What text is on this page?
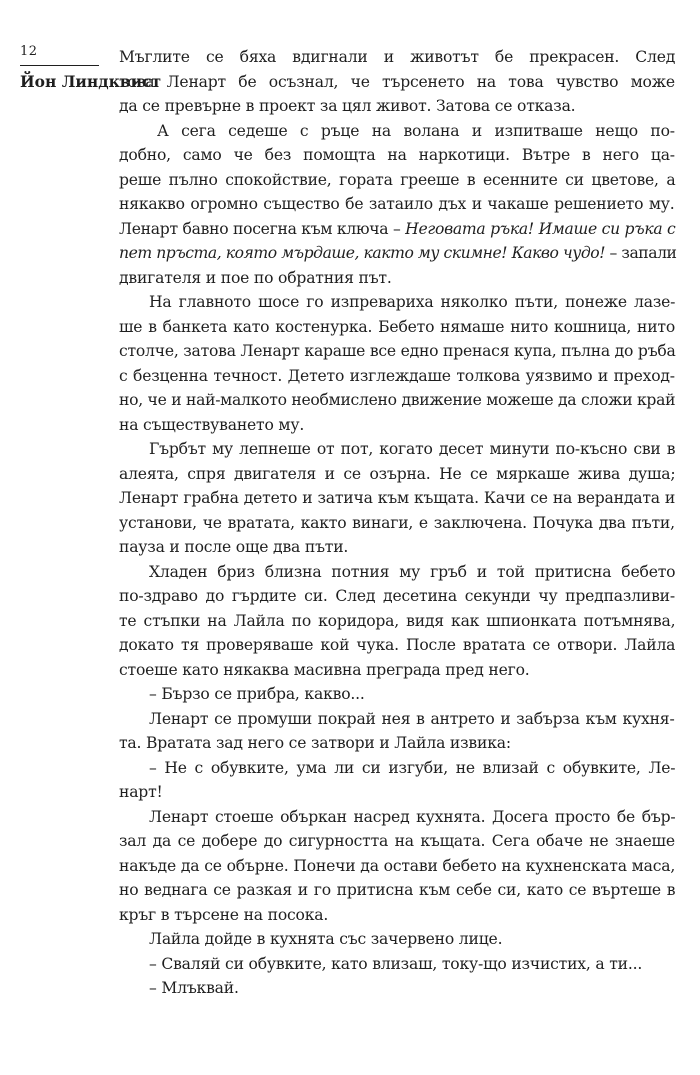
12
Йон Линдквист
Мъглите се бяха вдигнали и животът бе прекрасен. След
това Ленарт бе осъзнал, че търсенето на това чувство може
да се превърне в проект за цял живот. Затова се отказа.
А сега седеше с ръце на волана и изпитваше нещо по-
добно, само че без помощта на наркотици. Вътре в него ца-
реше пълно спокойствие, гората греeше в есенните си цветове, а
някакво огромно същество бе затаило дъх и чакаше решението му.
Ленарт бавно посегна към ключа – Неговата ръка! Имаше си ръка с
пет пръста, която мърдаше, както му скимне! Какво чудо! – запали
двигателя и пое по обратния път.
На главното шосе го изпревариха няколко пъти, понеже лазе-
ше в банкета като костенурка. Бебето нямаше нито кошница, нито
столче, затова Ленарт караше все едно пренася купа, пълна до ръба
с безценна течност. Детето изглеждаше толкова уязвимо и преход-
но, че и най-малкото необмислено движение можеше да сложи край
на съществуването му.
Гърбът му лепнеше от пот, когато десет минути по-късно сви в
алеята, спря двигателя и се озърна. Не се мяркаше жива душа;
Ленарт грабна детето и затича към къщата. Качи се на верандата и
установи, че вратата, както винаги, е заключена. Почука два пъти,
пауза и после още два пъти.
Хладен бриз близна потния му гръб и той притисна бебето
по-здраво до гърдите си. След десетина секунди чу предпазливи-
те стъпки на Лайла по коридора, видя как шпионката потъмнява,
докато тя проверяваше кой чука. После вратата се отвори. Лайла
стоеше като някаква масивна преграда пред него.
– Бързо се прибра, какво...
Ленарт се промуши покрай нея в антрето и забърза към кухня-
та. Вратата зад него се затвори и Лайла извика:
– Не с обувките, ума ли си изгуби, не влизай с обувките, Ле-
нарт!
Ленарт стоеше объркан насред кухнята. Досега просто бе бър-
зал да се добере до сигурността на къщата. Сега обаче не знаеше
накъде да се обърне. Понечи да остави бебето на кухненската маса,
но веднага се разкая и го притисна към себе си, като се въртеше в
кръг в търсене на посока.
Лайла дойде в кухнята със зачервено лице.
– Сваляй си обувките, като влизаш, току-що изчистих, а ти...
– Млъквай.
